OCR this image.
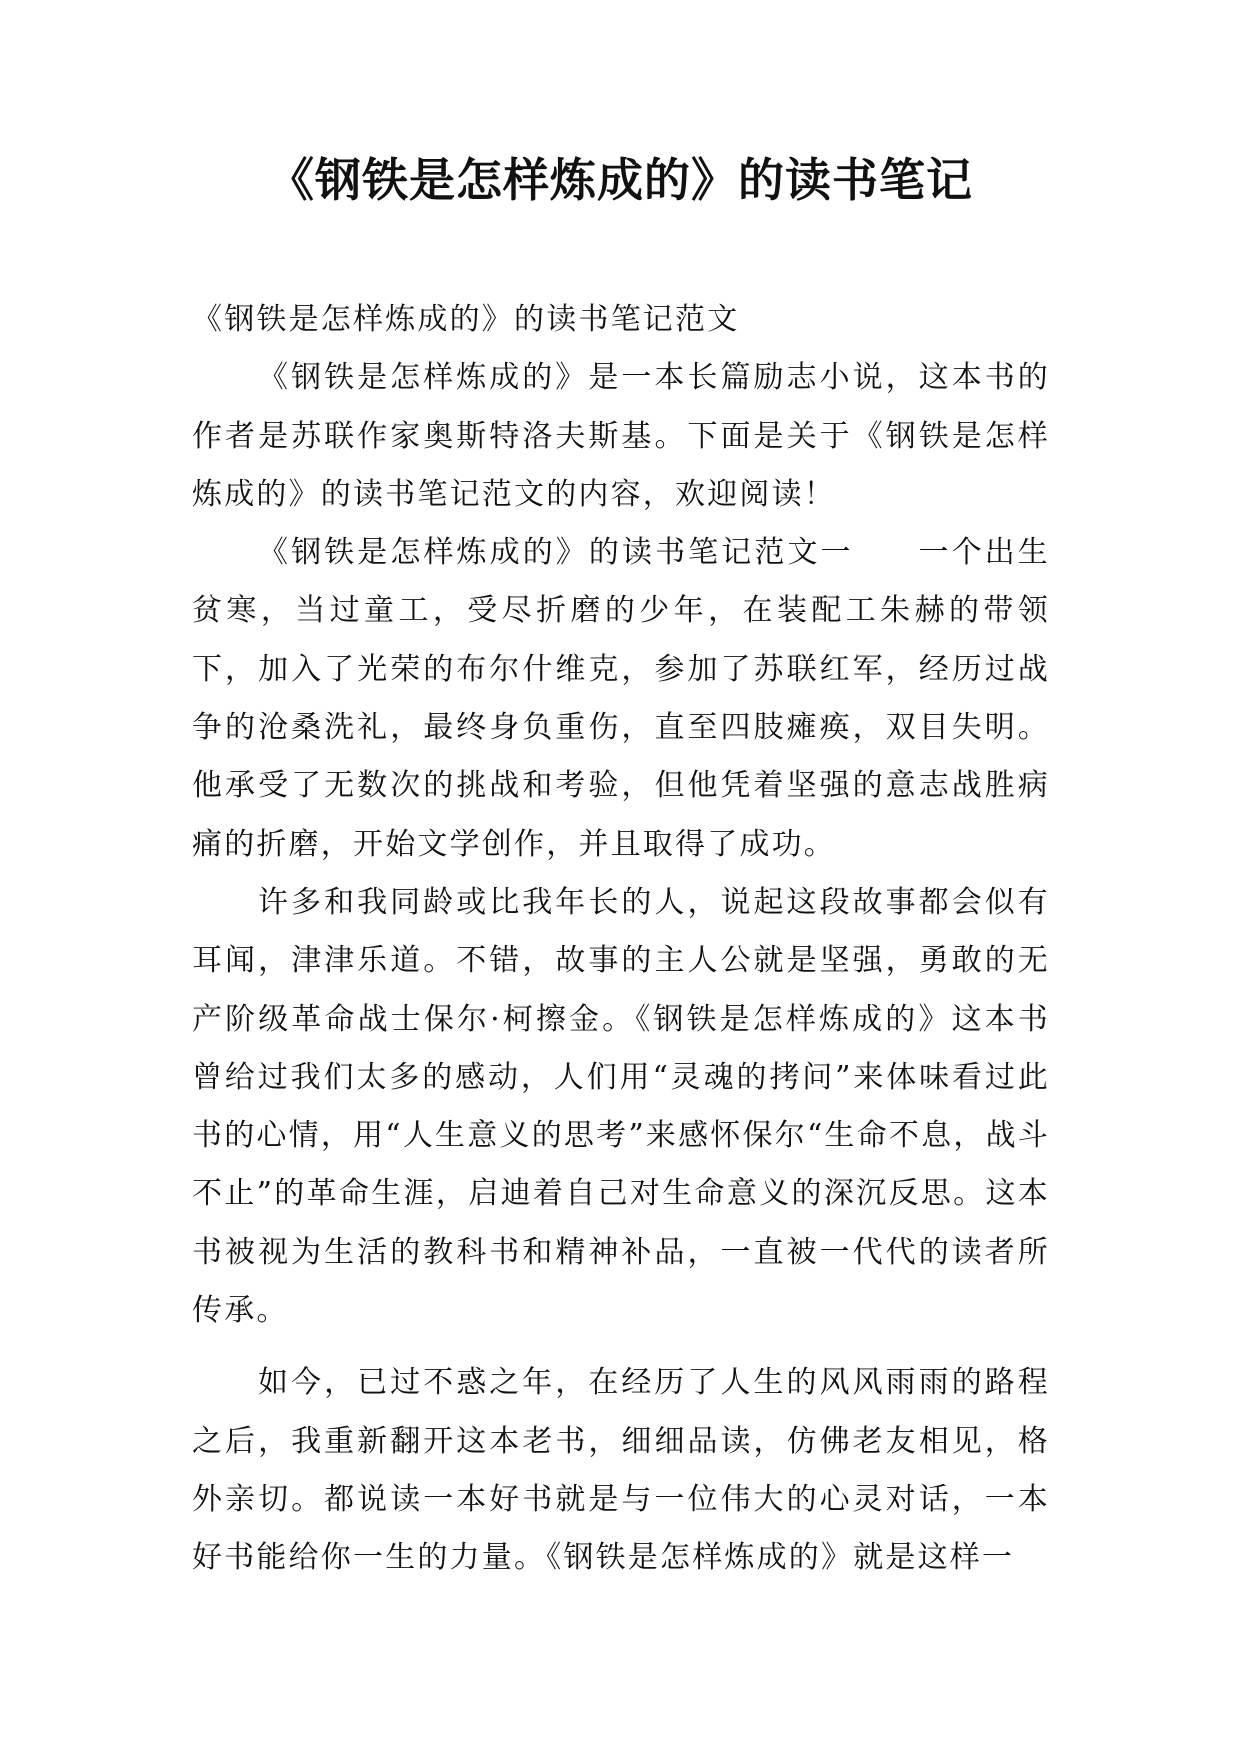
《钢铁是怎样炼成的》的读书笔记

《钢铁是怎样炼成的》的读书笔记范文

《钢铁是怎样炼成的》是一本长篇励志小说，这本书的作者是苏联作家奥斯特洛夫斯基。下面是关于《钢铁是怎样炼成的》的读书笔记范文的内容，欢迎阅读！

《钢铁是怎样炼成的》的读书笔记范文一 一个出生贫寒，当过童工，受尽折磨的少年，在装配工朱赫的带领下，加入了光荣的布尔什维克，参加了苏联红军，经历过战争的沧桑洗礼，最终身负重伤，直至四肢瘫痪，双目失明。他承受了无数次的挑战和考验，但他凭着坚强的意志战胜病痛的折磨，开始文学创作，并且取得了成功。

许多和我同龄或比我年长的人，说起这段故事都会似有耳闻，津津乐道。不错，故事的主人公就是坚强，勇敢的无产阶级革命战士保尔·柯擦金。《钢铁是怎样炼成的》这本书曾给过我们太多的感动，人们用“灵魂的拷问”来体味看过此书的心情，用“人生意义的思考”来感怀保尔“生命不息，战斗不止”的革命生涯，启迪着自己对生命意义的深沉反思。这本书被视为生活的教科书和精神补品，一直被一代代的读者所传承。

如今，已过不惑之年，在经历了人生的风风雨雨的路程之后，我重新翻开这本老书，细细品读，仿佛老友相见，格外亲切。都说读一本好书就是与一位伟大的心灵对话，一本好书能给你一生的力量。《钢铁是怎样炼成的》就是这样一
